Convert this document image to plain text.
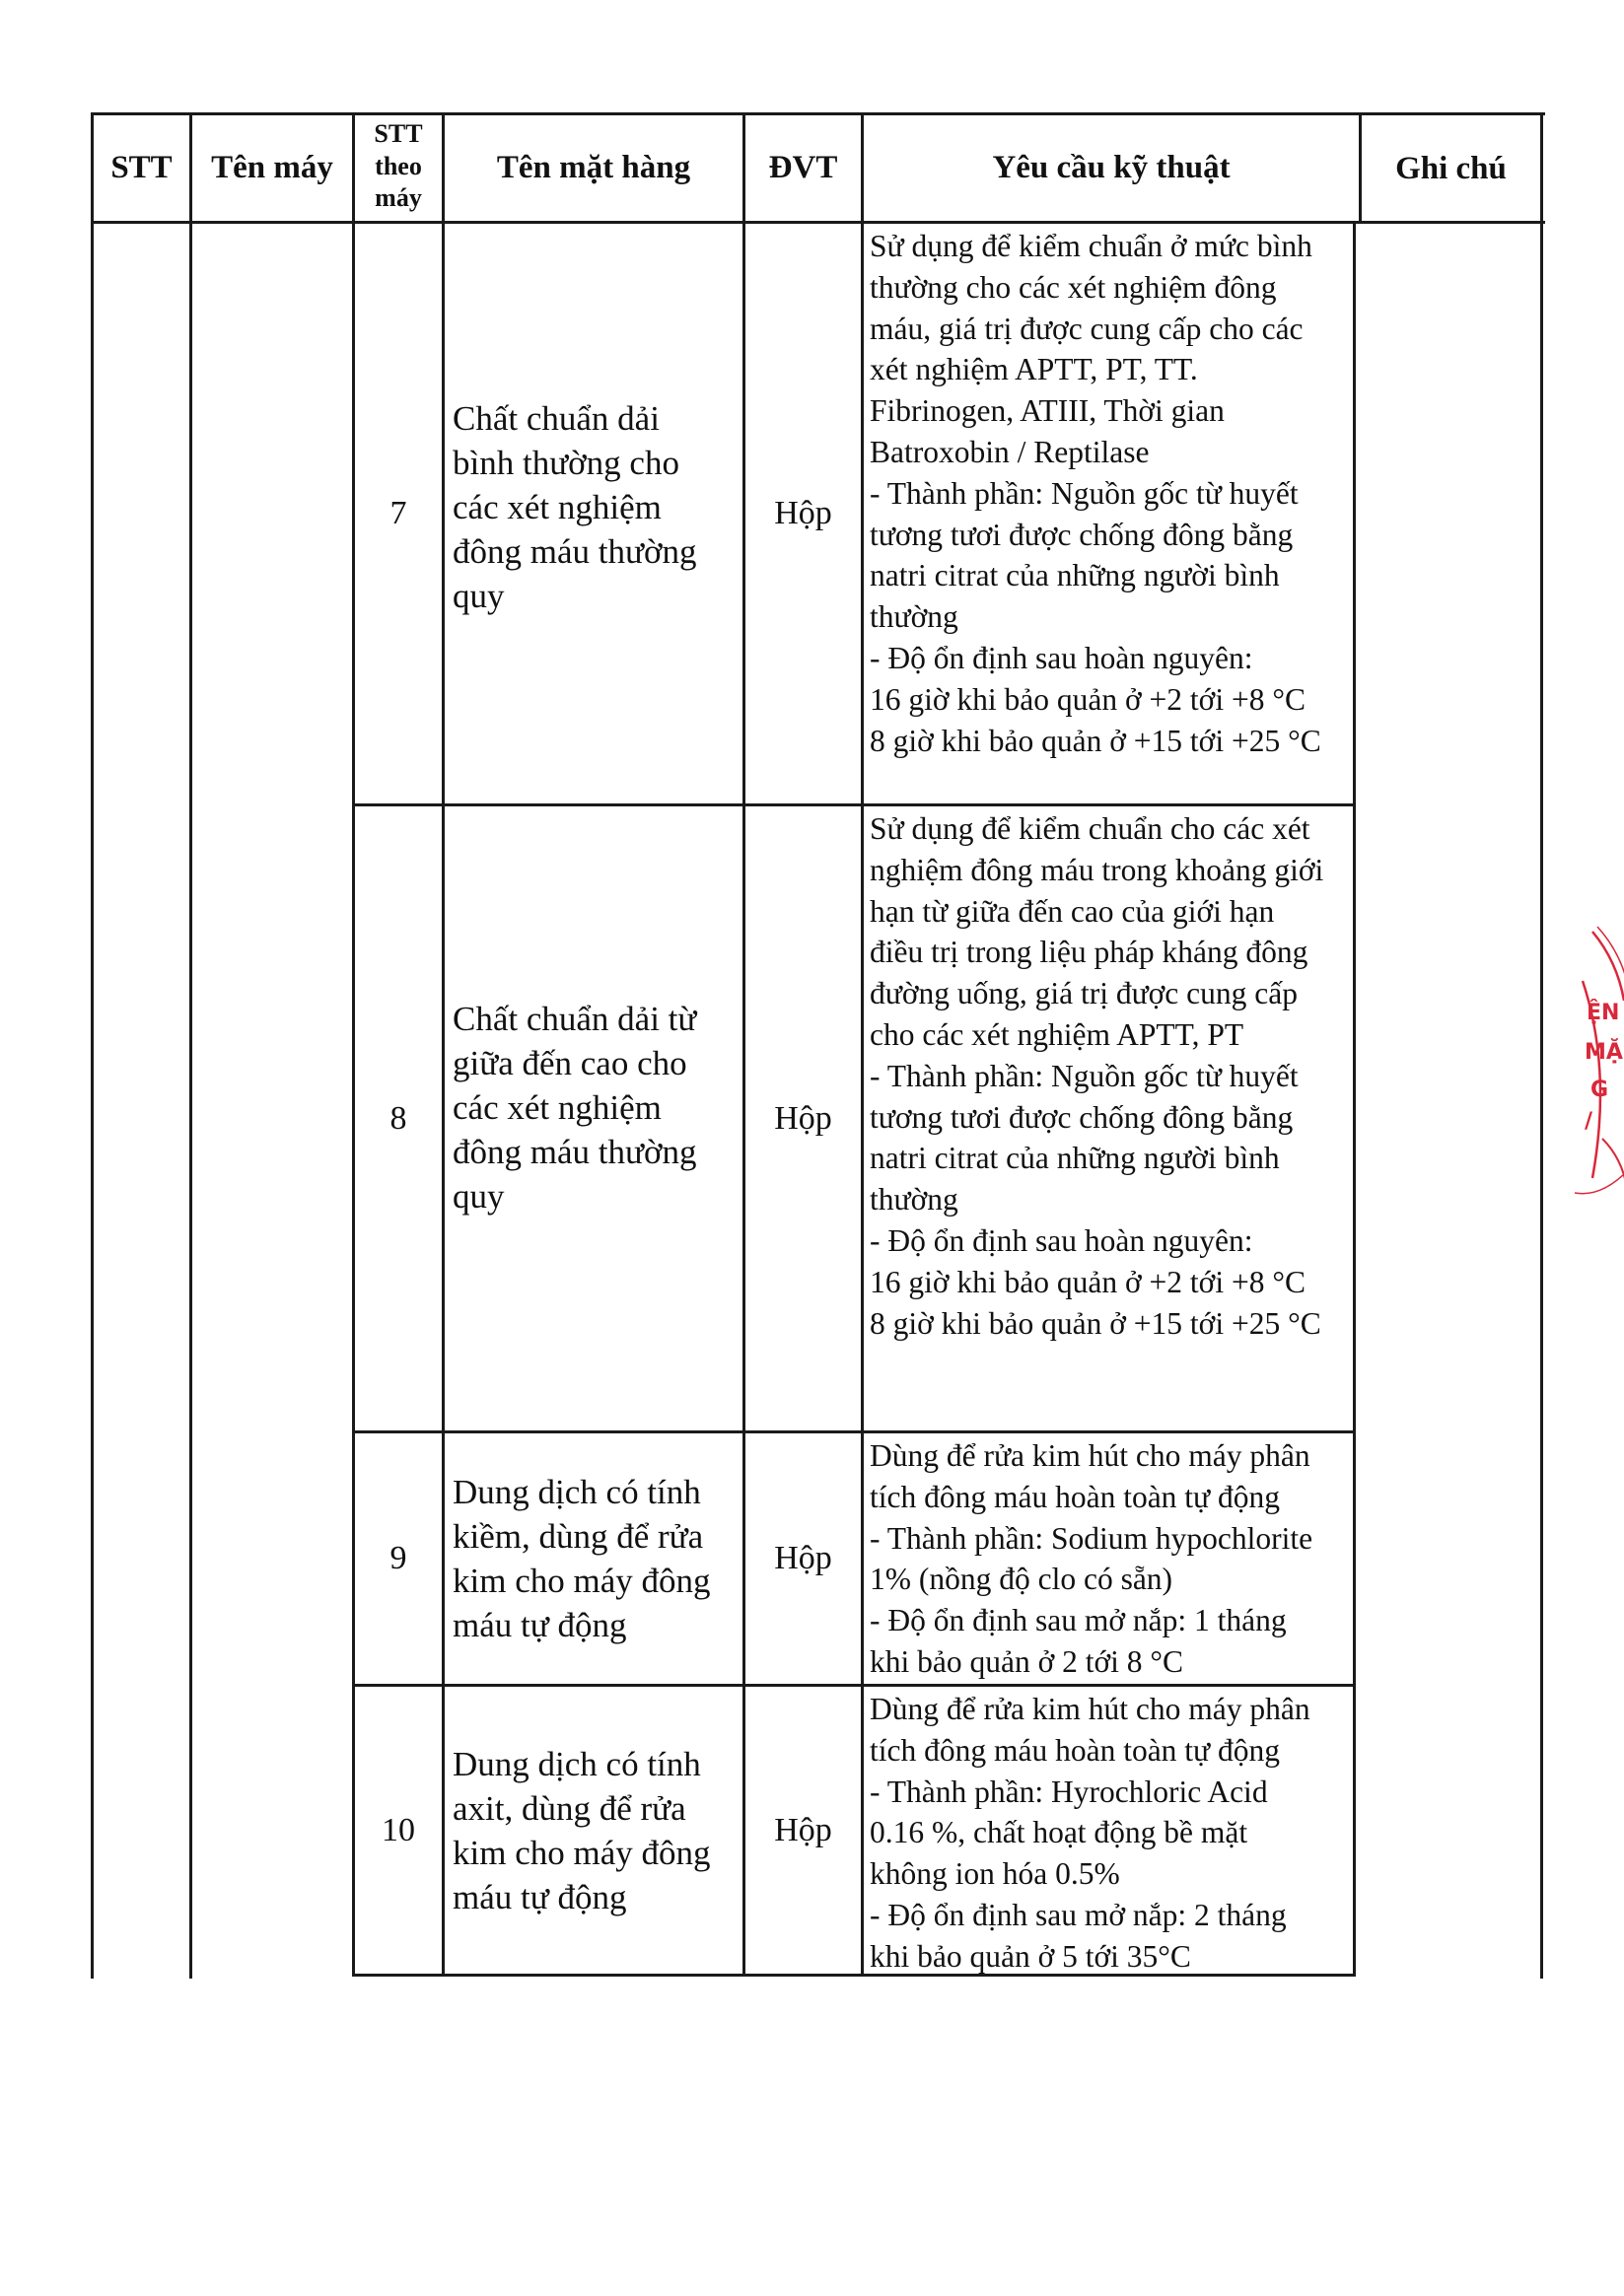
STT Tên máy
STT
theo
máy
Tên mặt hàng ĐVT	Yêu cầu kỹ thuật	Ghi chú
7
Chất chuẩn dải
bình thường cho
các xét nghiệm
đông máu thường
quy
Hộp
Sử dụng để kiểm chuẩn ở mức bình
thường cho các xét nghiệm đông
máu, giá trị được cung cấp cho các
xét nghiệm APTT, PT, TT.
Fibrinogen, ATIII, Thời gian
Batroxobin / Reptilase
- Thành phần: Nguồn gốc từ huyết
tương tươi được chống đông bằng
natri citrat của những người bình
thường
- Độ ổn định sau hoàn nguyên:
16 giờ khi bảo quản ở +2 tới +8 °C
8 giờ khi bảo quản ở +15 tới +25 °C
8
Chất chuẩn dải từ
giữa đến cao cho
các xét nghiệm
đông máu thường
quy
Hộp
Sử dụng để kiểm chuẩn cho các xét
nghiệm đông máu trong khoảng giới
hạn từ giữa đến cao của giới hạn
điều trị trong liệu pháp kháng đông
đường uống, giá trị được cung cấp
cho các xét nghiệm APTT, PT
- Thành phần: Nguồn gốc từ huyết
tương tươi được chống đông bằng
natri citrat của những người bình
thường
- Độ ổn định sau hoàn nguyên:
16 giờ khi bảo quản ở +2 tới +8 °C
8 giờ khi bảo quản ở +15 tới +25 °C
9
Dung dịch có tính
kiềm, dùng để rửa
kim cho máy đông
máu tự động
Hộp
Dùng để rửa kim hút cho máy phân
tích đông máu hoàn toàn tự động
- Thành phần: Sodium hypochlorite
1% (nồng độ clo có sẵn)
- Độ ổn định sau mở nắp: 1 tháng
khi bảo quản ở 2 tới 8 °C
10
Dung dịch có tính
axit, dùng để rửa
kim cho máy đông
máu tự động
Hộp
Dùng để rửa kim hút cho máy phân
tích đông máu hoàn toàn tự động
- Thành phần: Hyrochloric Acid
0.16 %, chất hoạt động bề mặt
không ion hóa 0.5%
- Độ ổn định sau mở nắp: 2 tháng
khi bảo quản ở 5 tới 35°C
ỆN
MẶ
G
/
